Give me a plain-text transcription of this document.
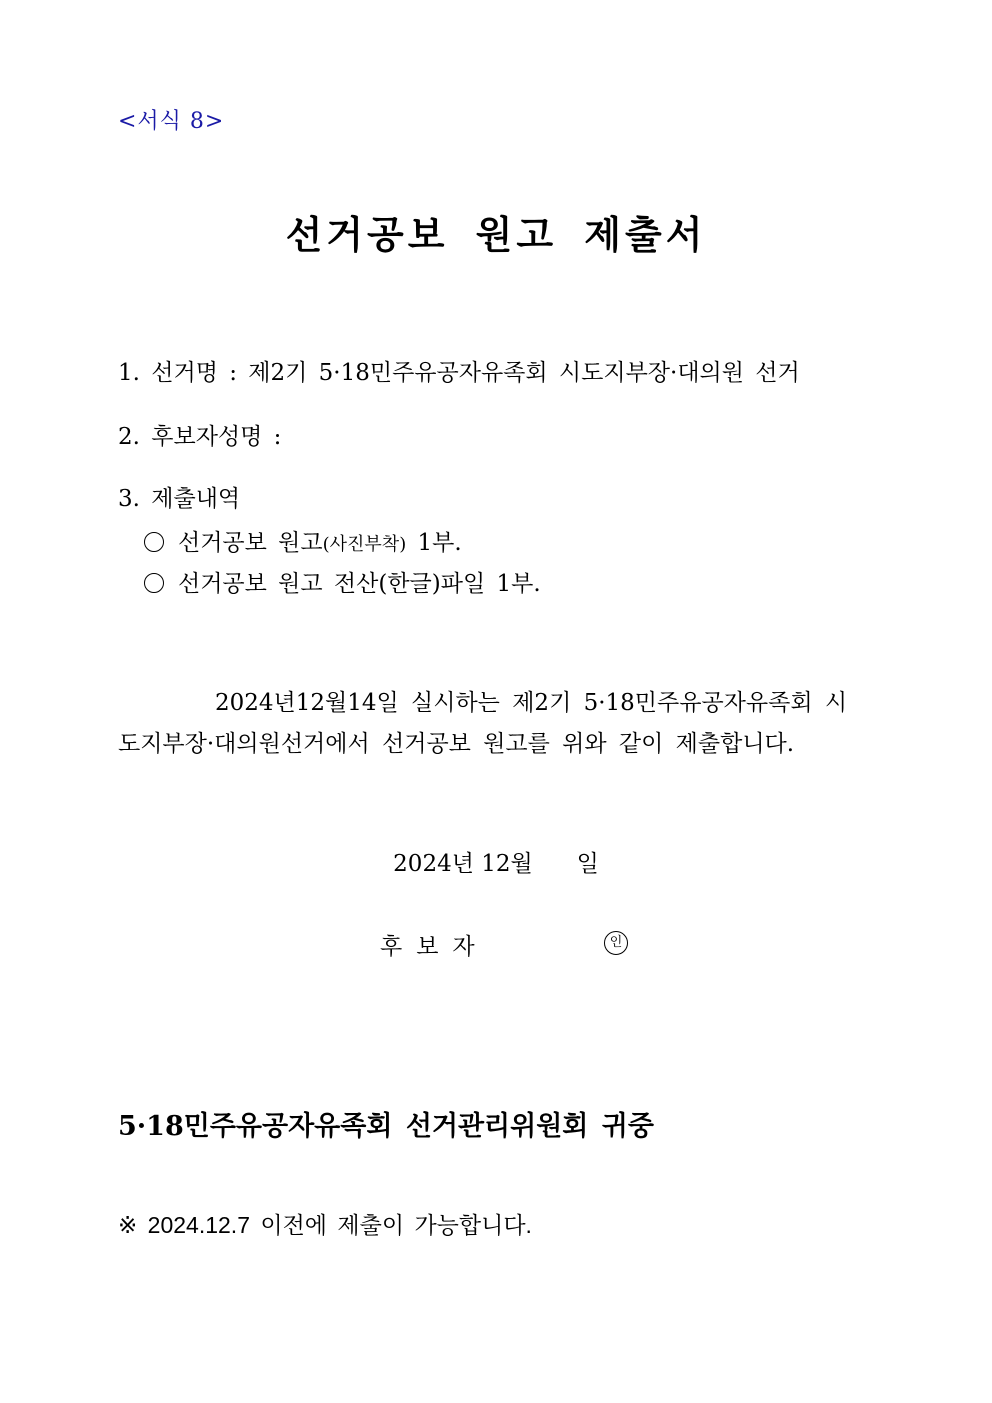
<서식 8>
선거공보 원고 제출서
1. 선거명 : 제2기 5·18민주유공자유족회 시도지부장·대의원 선거
2. 후보자성명 :
3. 제출내역
선거공보 원고(사진부착) 1부.
선거공보 원고 전산(한글)파일 1부.
2024년12월14일 실시하는 제2기 5·18민주유공자유족회 시
도지부장·대의원선거에서 선거공보 원고를 위와 같이 제출합니다.
2024년 12월      일
후보자	인
5·18민주유공자유족회 선거관리위원회 귀중
※ 2024.12.7 이전에 제출이 가능합니다.
